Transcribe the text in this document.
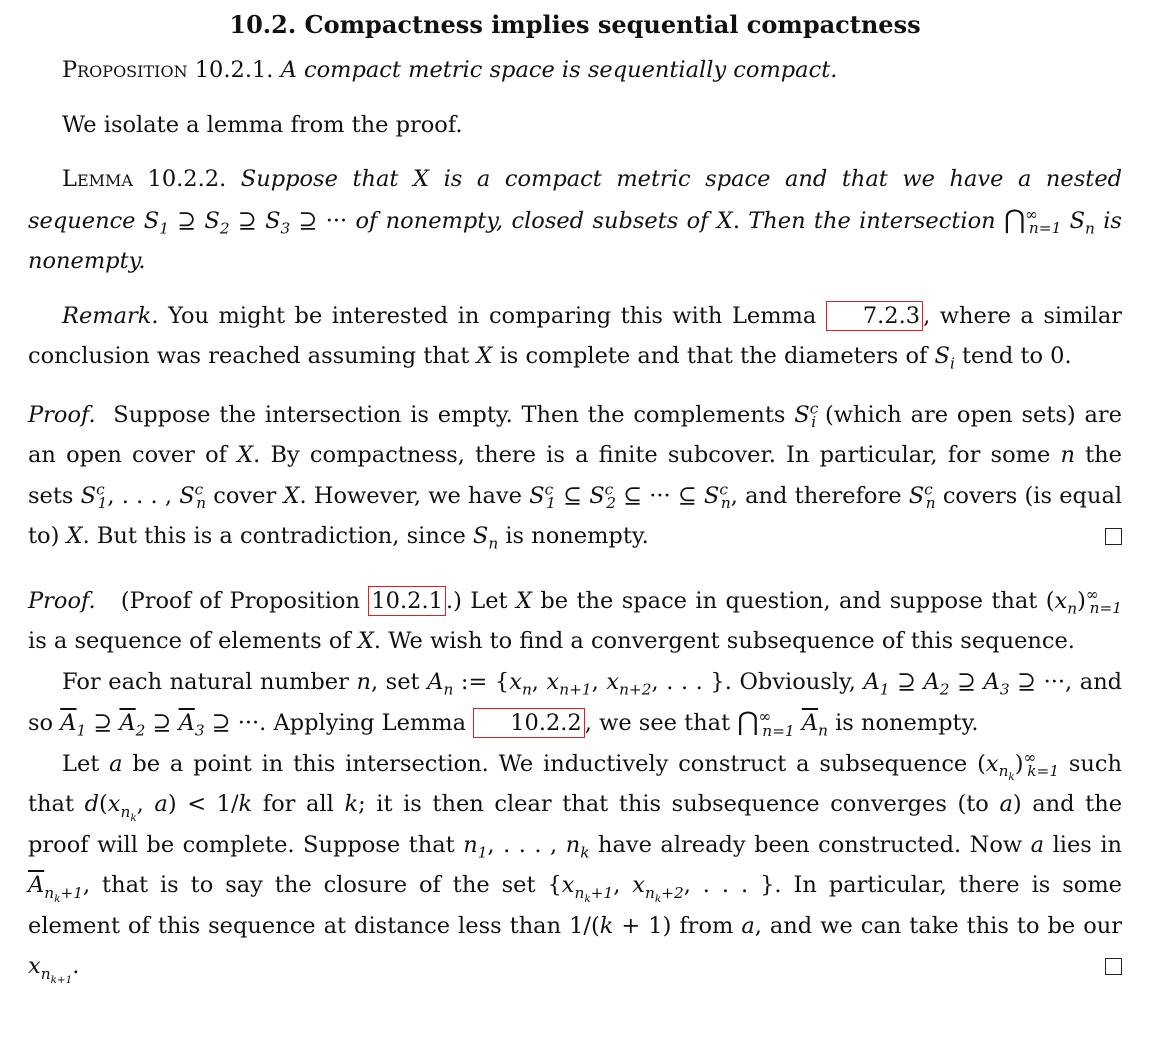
10.2. Compactness implies sequential compactness

Proposition 10.2.1. A compact metric space is sequentially compact.

We isolate a lemma from the proof.

Lemma 10.2.2. Suppose that X is a compact metric space and that we have a nested sequence $S_1$ ⊇ $S_2$ ⊇ $S_3$ ⊇ ··· of nonempty, closed subsets of X. Then the intersection $⋂^\infty_{n=1}$ $S_n$ is nonempty.

Remark. You might be interested in comparing this with Lemma 7.2.3 , where a similar conclusion was reached assuming that X is complete and that the diameters of $S_i$ tend to 0.

Proof. Suppose the intersection is empty. Then the complements $S^c_i$ (which are open sets) are an open cover of X. By compactness, there is a finite subcover. In particular, for some n the sets $S^c_1$, . . . , $S^c_n$ cover X. However, we have $S^c_1$ ⊆ $S^c_2$ ⊆ ··· ⊆ $S^c_n$, and therefore $S^c_n$ covers (is equal to) X. But this is a contradiction, since $S_n$ is nonempty.

Proof. (Proof of Proposition 10.2.1 .) Let X be the space in question, and suppose that $(x_n)^\infty_{n=1}$ is a sequence of elements of X. We wish to find a convergent subsequence of this sequence.

For each natural number n, set $A_n$ := {$x_n$, $x_{n+1}$, $x_{n+2}$, . . . }. Obviously, $A_1$ ⊇ $A_2$ ⊇ $A_3$ ⊇ ···, and so $\overline{A}_1$ ⊇ $\overline{A}_2$ ⊇ $\overline{A}_3$ ⊇ ···. Applying Lemma 10.2.2 , we see that $⋂^\infty_{n=1}$ $\overline{A}_n$ is nonempty.

Let a be a point in this intersection. We inductively construct a subsequence $(x_{n_k})^\infty_{k=1}$ such that $d(x_{n_k}$, a) < 1/k for all k; it is then clear that this subsequence converges (to a) and the proof will be complete. Suppose that $n_1$, . . . , $n_k$ have already been constructed. Now a lies in $\overline{A}_{n_k+1}$, that is to say the closure of the set {$x_{n_k+1}$, $x_{n_k+2}$, . . . }. In particular, there is some element of this sequence at distance less than 1/(k + 1) from a, and we can take this to be our $x_{n_{k+1}}$.
